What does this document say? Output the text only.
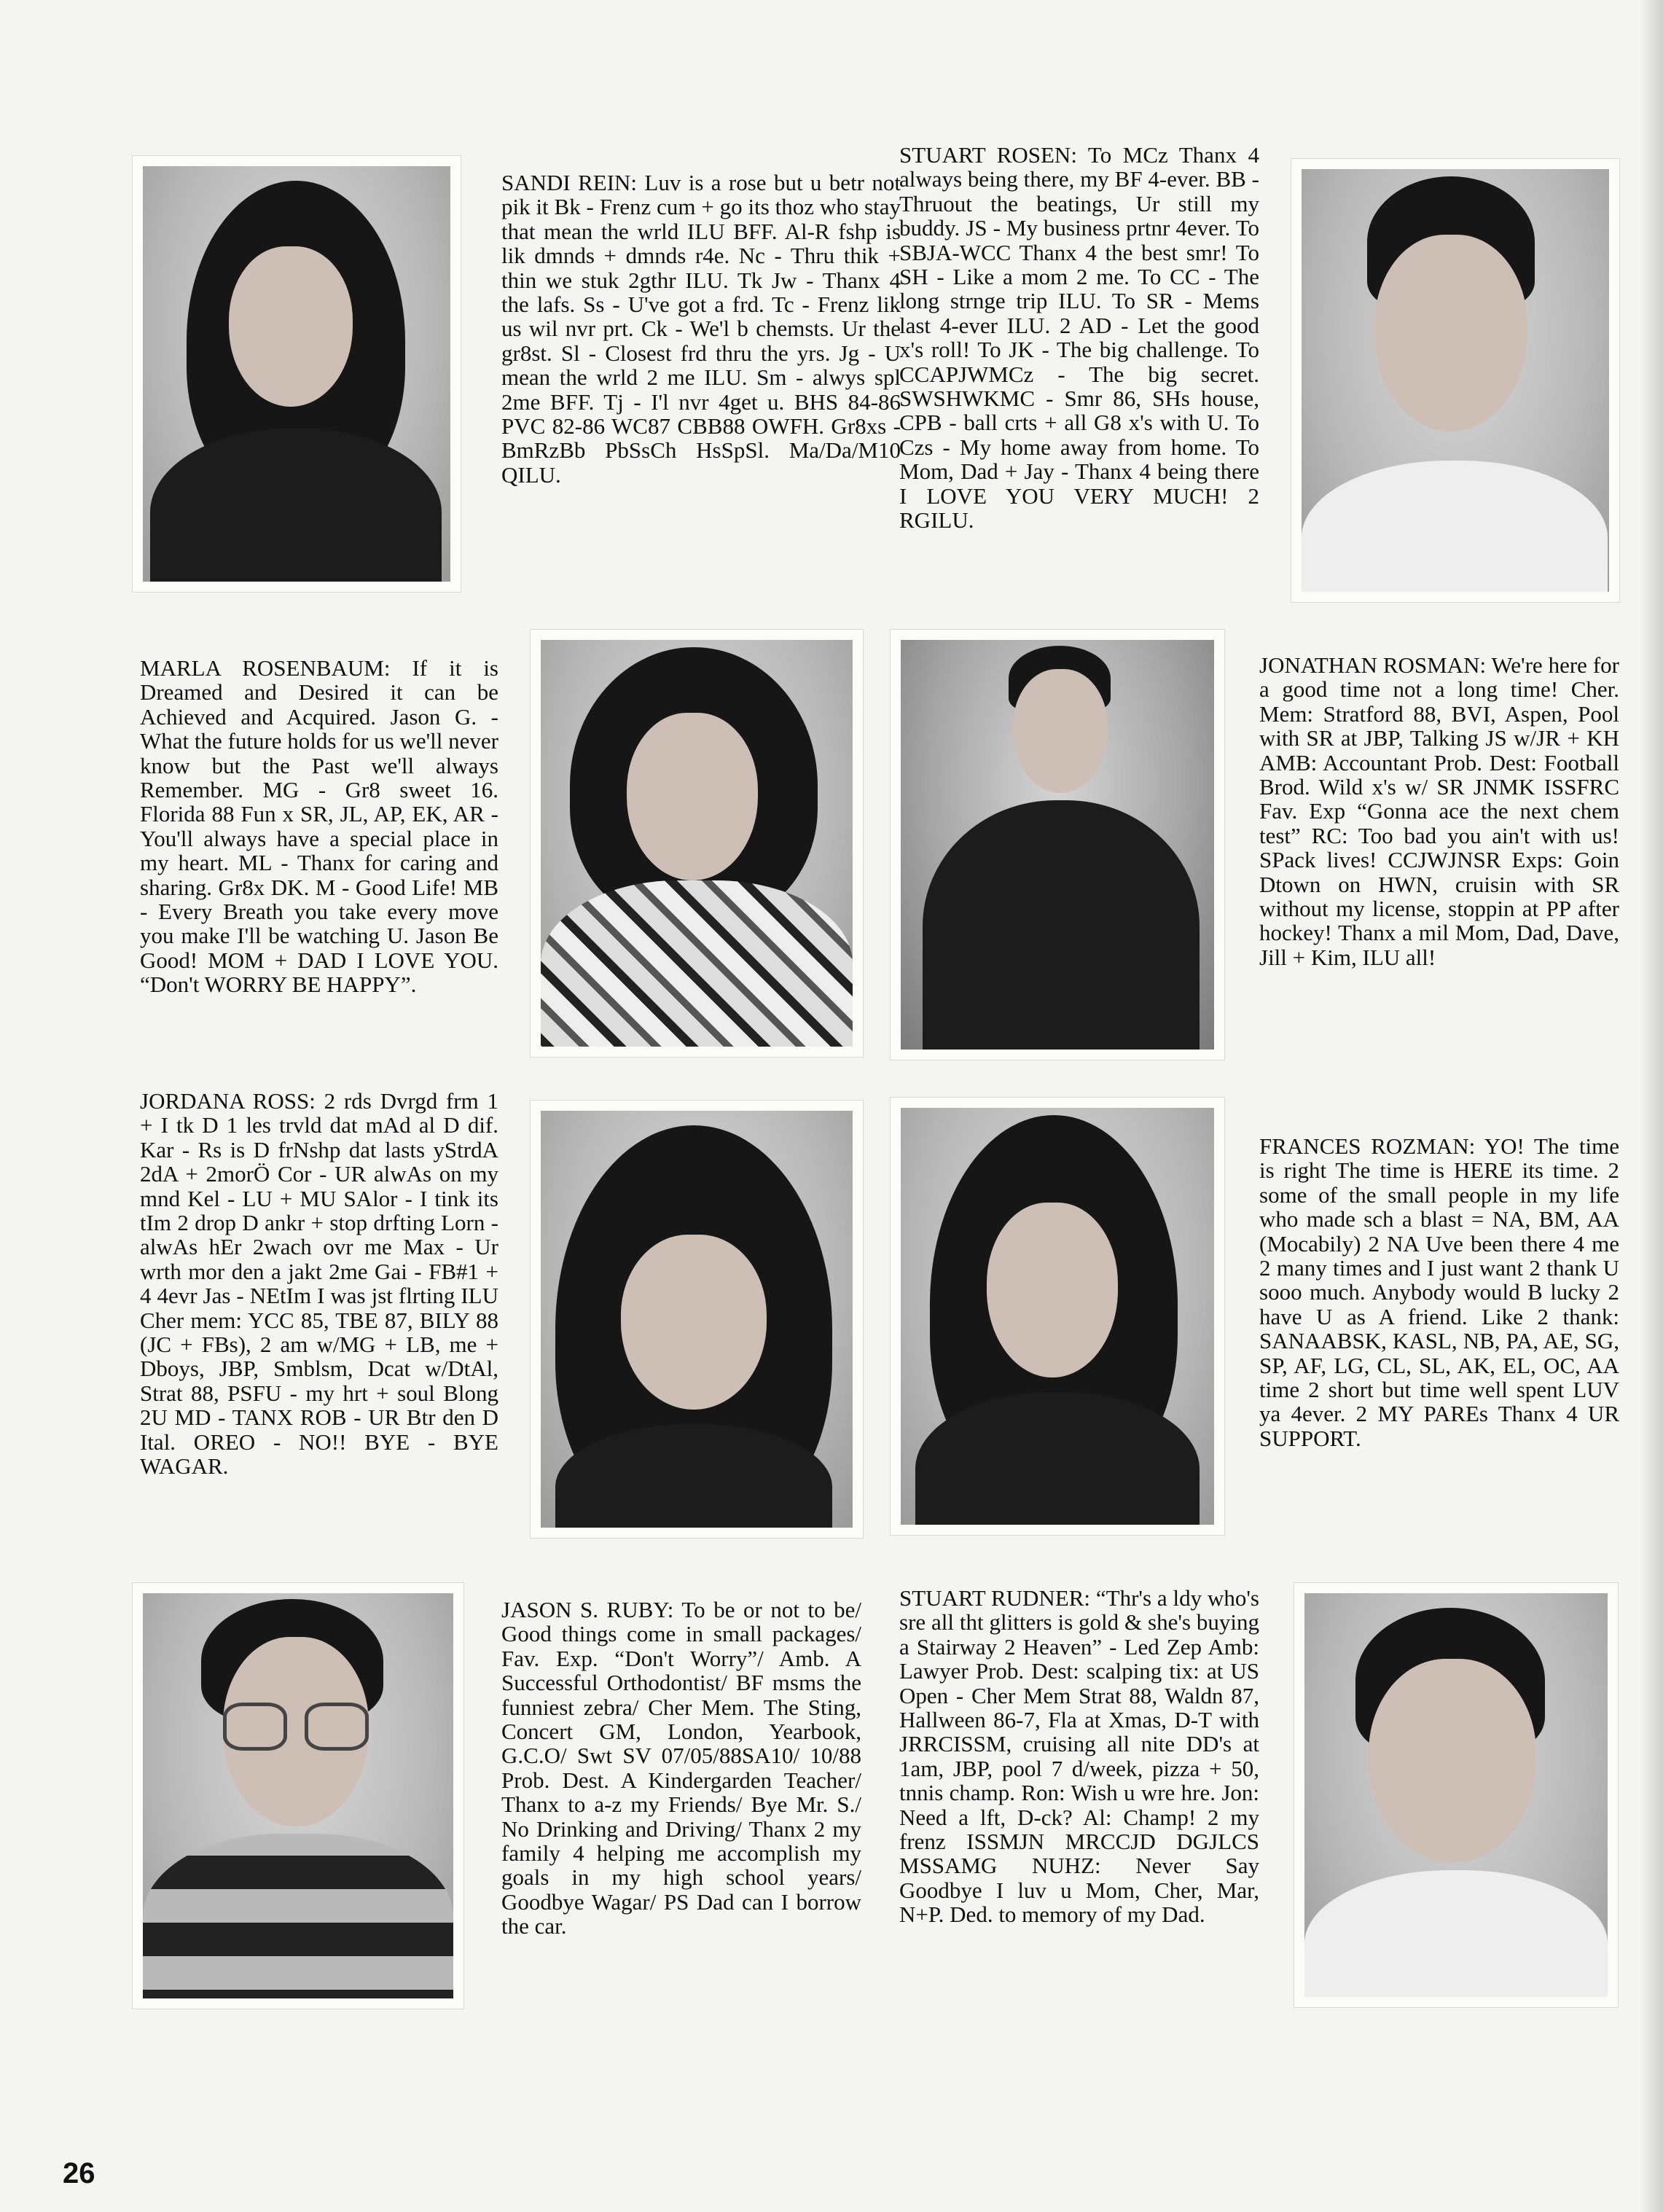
SANDI REIN: Luv is a rose but u betr not pik it Bk - Frenz cum + go its thoz who stay that mean the wrld ILU BFF. Al-R fshp is lik dmnds + dmnds r4e. Nc - Thru thik + thin we stuk 2gthr ILU. Tk Jw - Thanx 4 the lafs. Ss - U've got a frd. Tc - Frenz lik us wil nvr prt. Ck - We'l b chemsts. Ur the gr8st. Sl - Closest frd thru the yrs. Jg - U mean the wrld 2 me ILU. Sm - alwys spl 2me BFF. Tj - I'l nvr 4get u. BHS 84-86 PVC 82-86 WC87 CBB88 OWFH. Gr8xs - BmRzBb PbSsCh HsSpSl. Ma/Da/M10 QILU.

STUART ROSEN: To MCz Thanx 4 always being there, my BF 4-ever. BB - Thruout the beatings, Ur still my buddy. JS - My business prtnr 4ever. To SBJA-WCC Thanx 4 the best smr! To SH - Like a mom 2 me. To CC - The long strnge trip ILU. To SR - Mems last 4-ever ILU. 2 AD - Let the good x's roll! To JK - The big challenge. To CCAPJWMCz - The big secret. SWSHWKMC - Smr 86, SHs house, CPB - ball crts + all G8 x's with U. To Czs - My home away from home. To Mom, Dad + Jay - Thanx 4 being there I LOVE YOU VERY MUCH! 2 RGILU.

MARLA ROSENBAUM: If it is Dreamed and Desired it can be Achieved and Acquired. Jason G. - What the future holds for us we'll never know but the Past we'll always Remember. MG - Gr8 sweet 16. Florida 88 Fun x SR, JL, AP, EK, AR - You'll always have a special place in my heart. ML - Thanx for caring and sharing. Gr8x DK. M - Good Life! MB - Every Breath you take every move you make I'll be watching U. Jason Be Good! MOM + DAD I LOVE YOU. “Don't WORRY BE HAPPY”.

JONATHAN ROSMAN: We're here for a good time not a long time! Cher. Mem: Stratford 88, BVI, Aspen, Pool with SR at JBP, Talking JS w/JR + KH AMB: Accountant Prob. Dest: Football Brod. Wild x's w/ SR JNMK ISSFRC Fav. Exp “Gonna ace the next chem test” RC: Too bad you ain't with us! SPack lives! CCJWJNSR Exps: Goin Dtown on HWN, cruisin with SR without my license, stoppin at PP after hockey! Thanx a mil Mom, Dad, Dave, Jill + Kim, ILU all!

JORDANA ROSS: 2 rds Dvrgd frm 1 + I tk D 1 les trvld dat mAd al D dif. Kar - Rs is D frNshp dat lasts yStrdA 2dA + 2morÖ Cor - UR alwAs on my mnd Kel - LU + MU SAlor - I tink its tIm 2 drop D ankr + stop drfting Lorn - alwAs hEr 2wach ovr me Max - Ur wrth mor den a jakt 2me Gai - FB#1 + 4 4evr Jas - NEtIm I was jst flrting ILU Cher mem: YCC 85, TBE 87, BILY 88 (JC + FBs), 2 am w/MG + LB, me + Dboys, JBP, Smblsm, Dcat w/DtAl, Strat 88, PSFU - my hrt + soul Blong 2U MD - TANX ROB - UR Btr den D Ital. OREO - NO!! BYE - BYE WAGAR.

FRANCES ROZMAN: YO! The time is right The time is HERE its time. 2 some of the small people in my life who made sch a blast = NA, BM, AA (Mocabily) 2 NA Uve been there 4 me 2 many times and I just want 2 thank U sooo much. Anybody would B lucky 2 have U as A friend. Like 2 thank: SANAABSK, KASL, NB, PA, AE, SG, SP, AF, LG, CL, SL, AK, EL, OC, AA time 2 short but time well spent LUV ya 4ever. 2 MY PAREs Thanx 4 UR SUPPORT.

JASON S. RUBY: To be or not to be/ Good things come in small packages/ Fav. Exp. “Don't Worry”/ Amb. A Successful Orthodontist/ BF msms the funniest zebra/ Cher Mem. The Sting, Concert GM, London, Yearbook, G.C.O/ Swt SV 07/05/88SA10/ 10/88 Prob. Dest. A Kindergarden Teacher/ Thanx to a-z my Friends/ Bye Mr. S./ No Drinking and Driving/ Thanx 2 my family 4 helping me accomplish my goals in my high school years/ Goodbye Wagar/ PS Dad can I borrow the car.

STUART RUDNER: “Thr's a ldy who's sre all tht glitters is gold & she's buying a Stairway 2 Heaven” - Led Zep Amb: Lawyer Prob. Dest: scalping tix: at US Open - Cher Mem Strat 88, Waldn 87, Hallween 86-7, Fla at Xmas, D-T with JRRCISSM, cruising all nite DD's at 1am, JBP, pool 7 d/week, pizza + 50, tnnis champ. Ron: Wish u wre hre. Jon: Need a lft, D-ck? Al: Champ! 2 my frenz ISSMJN MRCCJD DGJLCS MSSAMG NUHZ: Never Say Goodbye I luv u Mom, Cher, Mar, N+P. Ded. to memory of my Dad.

26
